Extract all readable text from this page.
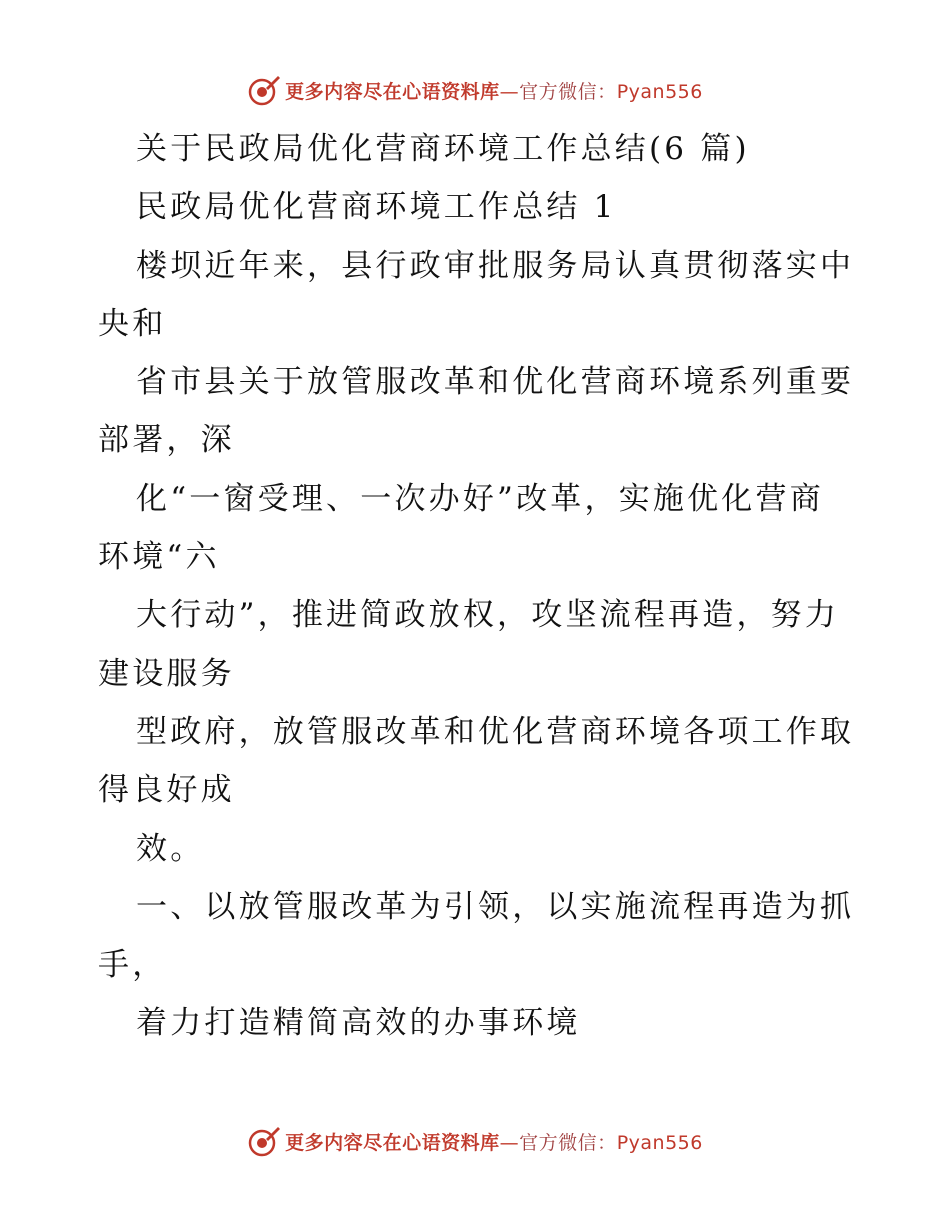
更多内容尽在心语资料库—官方微信：Pyan556
关于民政局优化营商环境工作总结(6 篇)
民政局优化营商环境工作总结 1
楼坝近年来，县行政审批服务局认真贯彻落实中
央和
省市县关于放管服改革和优化营商环境系列重要
部署，深
化“一窗受理、一次办好”改革，实施优化营商
环境“六
大行动”，推进简政放权，攻坚流程再造，努力
建设服务
型政府，放管服改革和优化营商环境各项工作取
得良好成
效。
一、以放管服改革为引领，以实施流程再造为抓
手，
着力打造精简高效的办事环境
更多内容尽在心语资料库—官方微信：Pyan556
